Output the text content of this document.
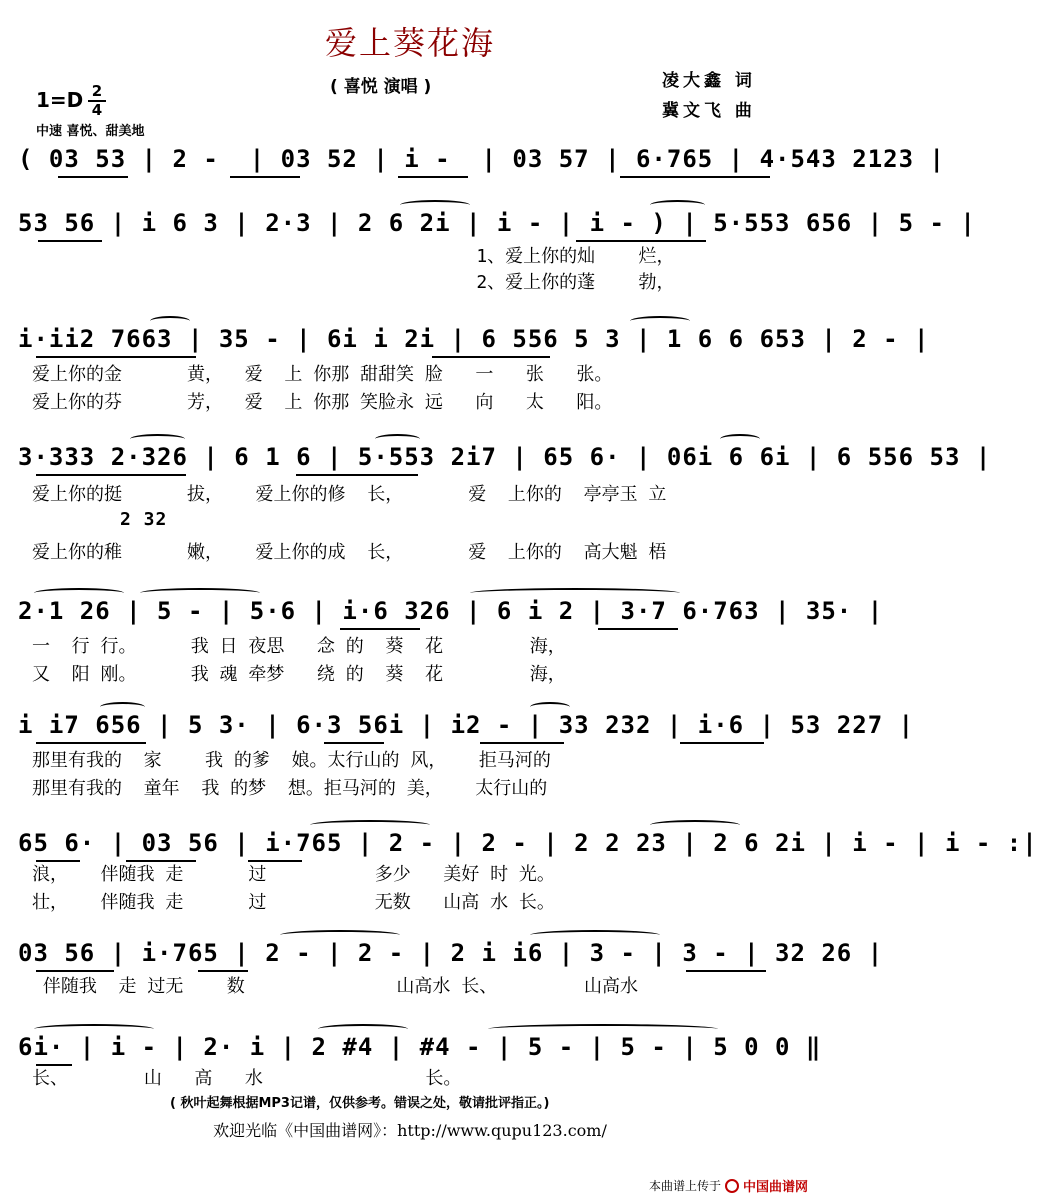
爱上葵花海
( 喜悦 演唱 )	凌大鑫 词
冀文飞 曲
1=D 2
4
中速 喜悦、甜美地
( 03 53 | 2 -  | 03 52 | i -  | 03 57 | 6·765 | 4·543 2123 |
53 56 | i 6 3 | 2·3 | 2 6 2i | i - | i - ) | 5·553 656 | 5 - |
1、爱上你的灿    烂，
2、爱上你的蓬    勃，
i·ii2 7663 | 35 - | 6i i 2i | 6 556 5 3 | 1 6 6 653 | 2 - |
爱上你的金      黄，  爱  上 你那 甜甜笑 脸   一   张   张。
爱上你的芬      芳，  爱  上 你那 笑脸永 远   向   太   阳。
3·333 2·326 | 6 1 6 | 5·553 2i7 | 65 6· | 06i 6 6i | 6 556 53 |
爱上你的挺      拔，   爱上你的修  长，      爱  上你的  亭亭玉 立
2 32
爱上你的稚      嫩，   爱上你的成  长，      爱  上你的  高大魁 梧
2·1 26 | 5 - | 5·6 | i·6 326 | 6 i 2 | 3·7 6·763 | 35· |
一  行 行。     我 日 夜思   念 的  葵  花        海，
又  阳 刚。     我 魂 牵梦   绕 的  葵  花        海，
i i7 656 | 5 3· | 6·3 56i | i2 - | 33 232 | i·6 | 53 227 |
那里有我的  家    我 的爹  娘。太行山的 风，   拒马河的
那里有我的  童年  我 的梦  想。拒马河的 美，   太行山的
65 6· | 03 56 | i·765 | 2 - | 2 - | 2 2 23 | 2 6 2i | i - | i - :|
浪，   伴随我 走      过          多少   美好 时 光。
壮，   伴随我 走      过          无数   山高 水 长。
03 56 | i·765 | 2 - | 2 - | 2 i i6 | 3 - | 3 - | 32 26 |
伴随我  走 过无    数              山高水 长、        山高水
6i· | i - | 2· i | 2 #4 | #4 - | 5 - | 5 - | 5 0 0 ‖
长、       山   高   水               长。
( 秋叶起舞根据MP3记谱，仅供参考。错误之处，敬请批评指正。)
欢迎光临《中国曲谱网》：http://www.qupu123.com/
本曲谱上传于 中国曲谱网
